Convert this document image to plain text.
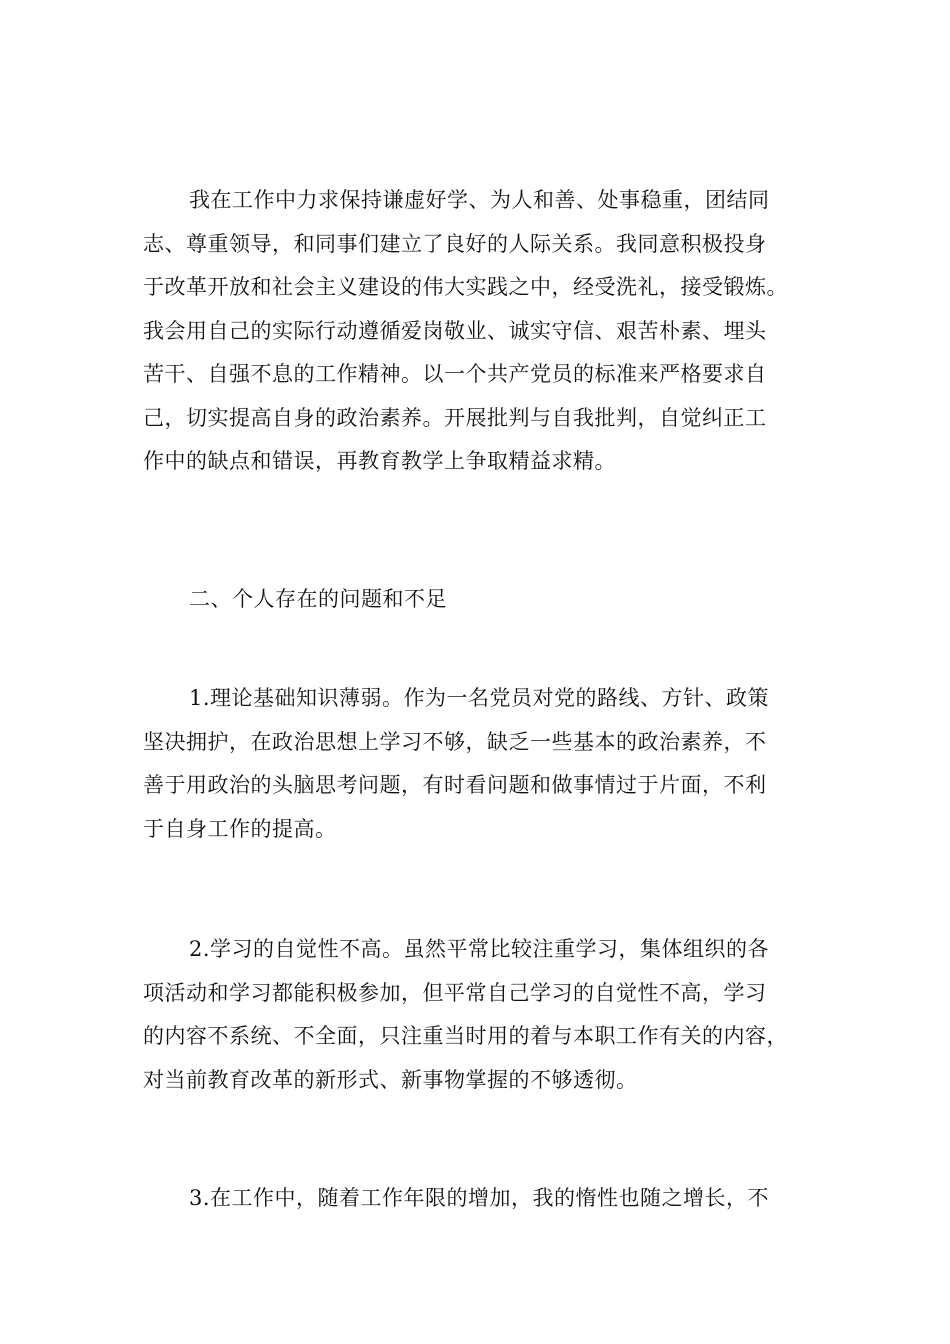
我在工作中力求保持谦虚好学、为人和善、处事稳重，团结同
志、尊重领导，和同事们建立了良好的人际关系。我同意积极投身
于改革开放和社会主义建设的伟大实践之中，经受洗礼，接受锻炼。
我会用自己的实际行动遵循爱岗敬业、诚实守信、艰苦朴素、埋头
苦干、自强不息的工作精神。以一个共产党员的标准来严格要求自
己，切实提高自身的政治素养。开展批判与自我批判，自觉纠正工
作中的缺点和错误，再教育教学上争取精益求精。

二、个人存在的问题和不足

1.理论基础知识薄弱。作为一名党员对党的路线、方针、政策
坚决拥护，在政治思想上学习不够，缺乏一些基本的政治素养，不
善于用政治的头脑思考问题，有时看问题和做事情过于片面，不利
于自身工作的提高。

2.学习的自觉性不高。虽然平常比较注重学习，集体组织的各
项活动和学习都能积极参加，但平常自己学习的自觉性不高，学习
的内容不系统、不全面，只注重当时用的着与本职工作有关的内容，
对当前教育改革的新形式、新事物掌握的不够透彻。

3.在工作中，随着工作年限的增加，我的惰性也随之增长，不
